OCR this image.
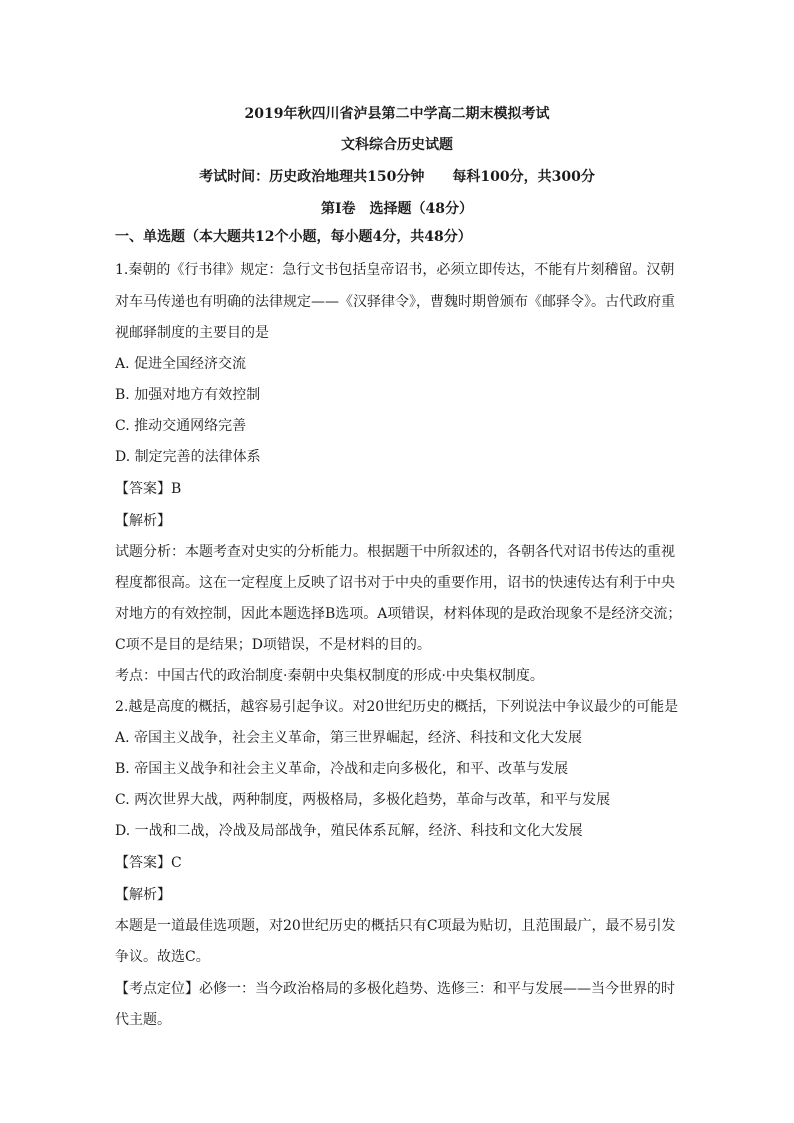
2019年秋四川省泸县第二中学高二期末模拟考试
文科综合历史试题
考试时间：历史政治地理共150分钟　　每科100分，共300分
第I卷　选择题（48分）
一、单选题（本大题共12个小题，每小题4分，共48分）
1.秦朝的《行书律》规定：急行文书包括皇帝诏书，必须立即传达，不能有片刻稽留。汉朝
对车马传递也有明确的法律规定——《汉驿律令》，曹魏时期曾颁布《邮驿令》。古代政府重
视邮驿制度的主要目的是
A. 促进全国经济交流
B. 加强对地方有效控制
C. 推动交通网络完善
D. 制定完善的法律体系
【答案】B
【解析】
试题分析：本题考查对史实的分析能力。根据题干中所叙述的，各朝各代对诏书传达的重视
程度都很高。这在一定程度上反映了诏书对于中央的重要作用，诏书的快速传达有利于中央
对地方的有效控制，因此本题选择B选项。A项错误，材料体现的是政治现象不是经济交流；
C项不是目的是结果；D项错误，不是材料的目的。
考点：中国古代的政治制度·秦朝中央集权制度的形成·中央集权制度。
2.越是高度的概括，越容易引起争议。对20世纪历史的概括，下列说法中争议最少的可能是
A. 帝国主义战争，社会主义革命，第三世界崛起，经济、科技和文化大发展
B. 帝国主义战争和社会主义革命，冷战和走向多极化，和平、改革与发展
C. 两次世界大战，两种制度，两极格局，多极化趋势，革命与改革，和平与发展
D. 一战和二战，冷战及局部战争，殖民体系瓦解，经济、科技和文化大发展
【答案】C
【解析】
本题是一道最佳选项题，对20世纪历史的概括只有C项最为贴切，且范围最广，最不易引发
争议。故选C。
【考点定位】必修一：当今政治格局的多极化趋势、选修三：和平与发展——当今世界的时
代主题。
